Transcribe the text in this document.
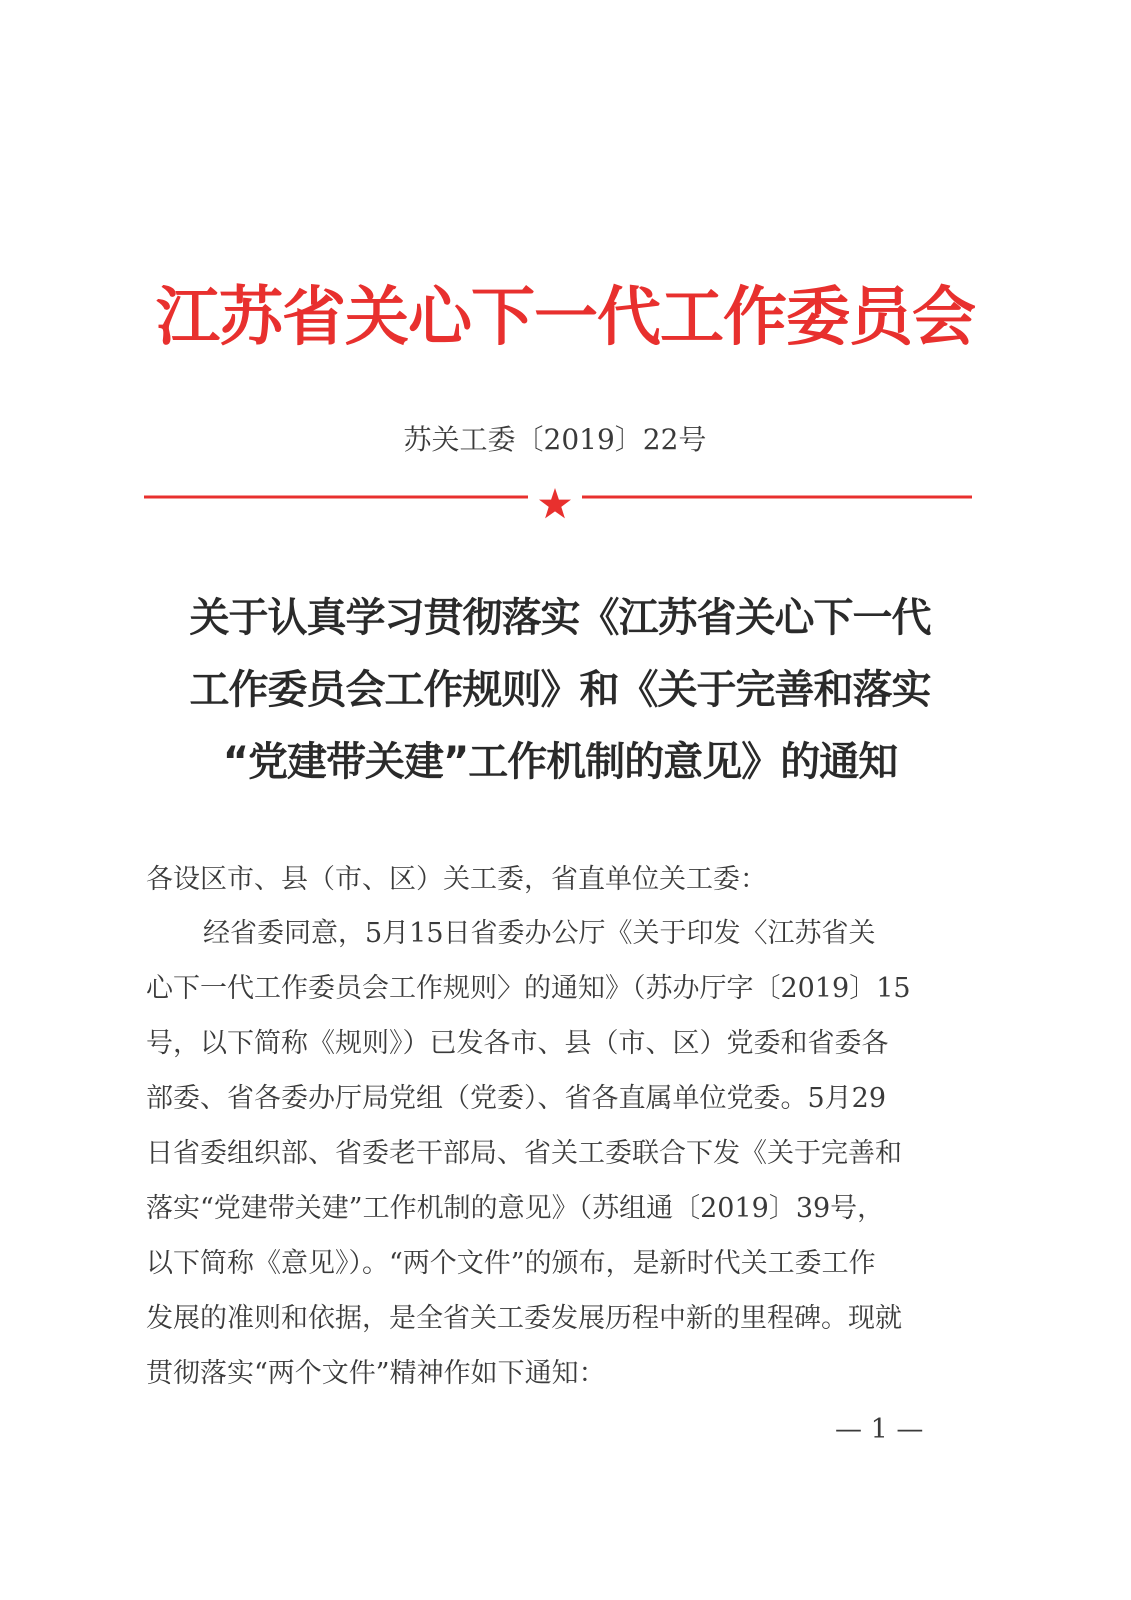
江苏省关心下一代工作委员会
苏关工委〔2019〕22号
关于认真学习贯彻落实《江苏省关心下一代
工作委员会工作规则》和《关于完善和落实
“党建带关建”工作机制的意见》的通知
各设区市、县（市、区）关工委，省直单位关工委：
经省委同意，5月15日省委办公厅《关于印发〈江苏省关
心下一代工作委员会工作规则〉的通知》（苏办厅字〔2019〕15
号，以下简称《规则》）已发各市、县（市、区）党委和省委各
部委、省各委办厅局党组（党委）、省各直属单位党委。5月29
日省委组织部、省委老干部局、省关工委联合下发《关于完善和
落实“党建带关建”工作机制的意见》（苏组通〔2019〕39号，
以下简称《意见》）。“两个文件”的颁布，是新时代关工委工作
发展的准则和依据，是全省关工委发展历程中新的里程碑。现就
贯彻落实“两个文件”精神作如下通知：
— 1 —
